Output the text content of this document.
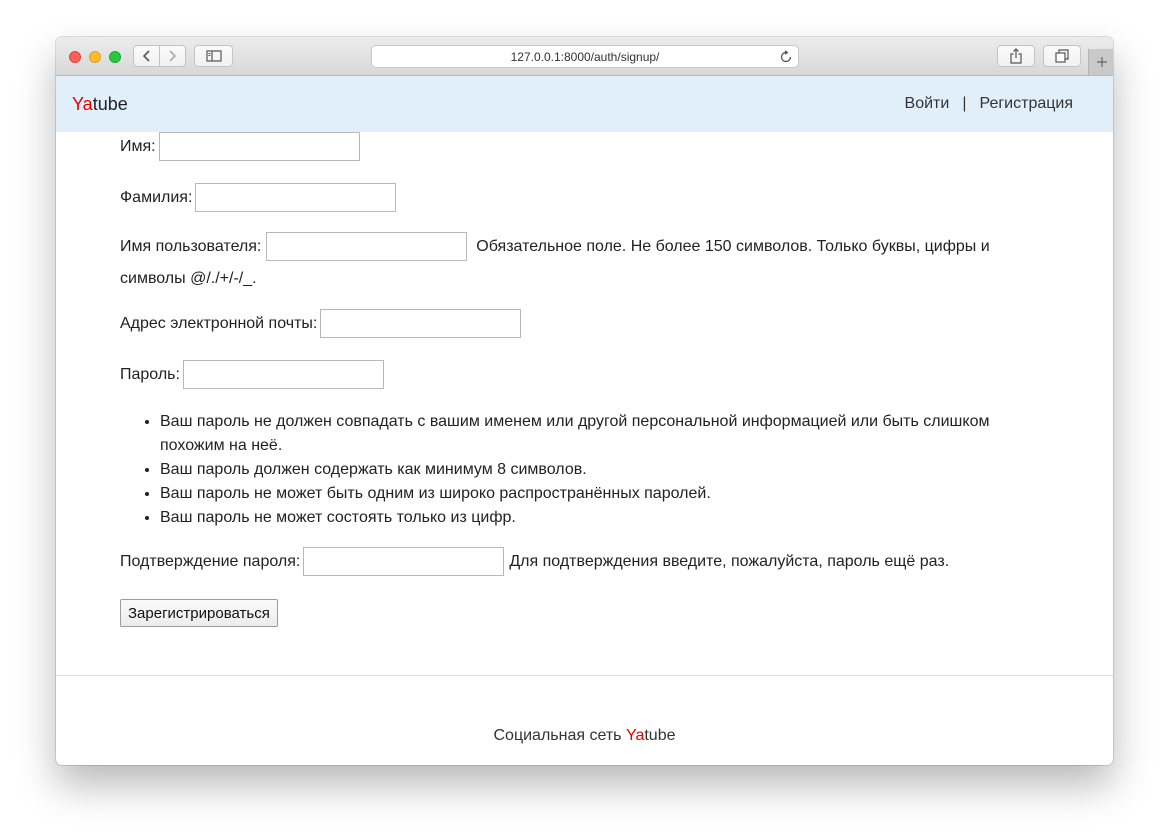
127.0.0.1:8000/auth/signup/
Yatube	Войти | Регистрация
Имя:
Фамилия:
Имя пользователя:	Обязательное поле. Не более 150 символов. Только буквы, цифры и символы @/./+/-/_.
Адрес электронной почты:
Пароль:
• Ваш пароль не должен совпадать с вашим именем или другой персональной информацией или быть слишком похожим на неё.
• Ваш пароль должен содержать как минимум 8 символов.
• Ваш пароль не может быть одним из широко распространённых паролей.
• Ваш пароль не может состоять только из цифр.
Подтверждение пароля:	Для подтверждения введите, пожалуйста, пароль ещё раз.
Зарегистрироваться
Социальная сеть Yatube
